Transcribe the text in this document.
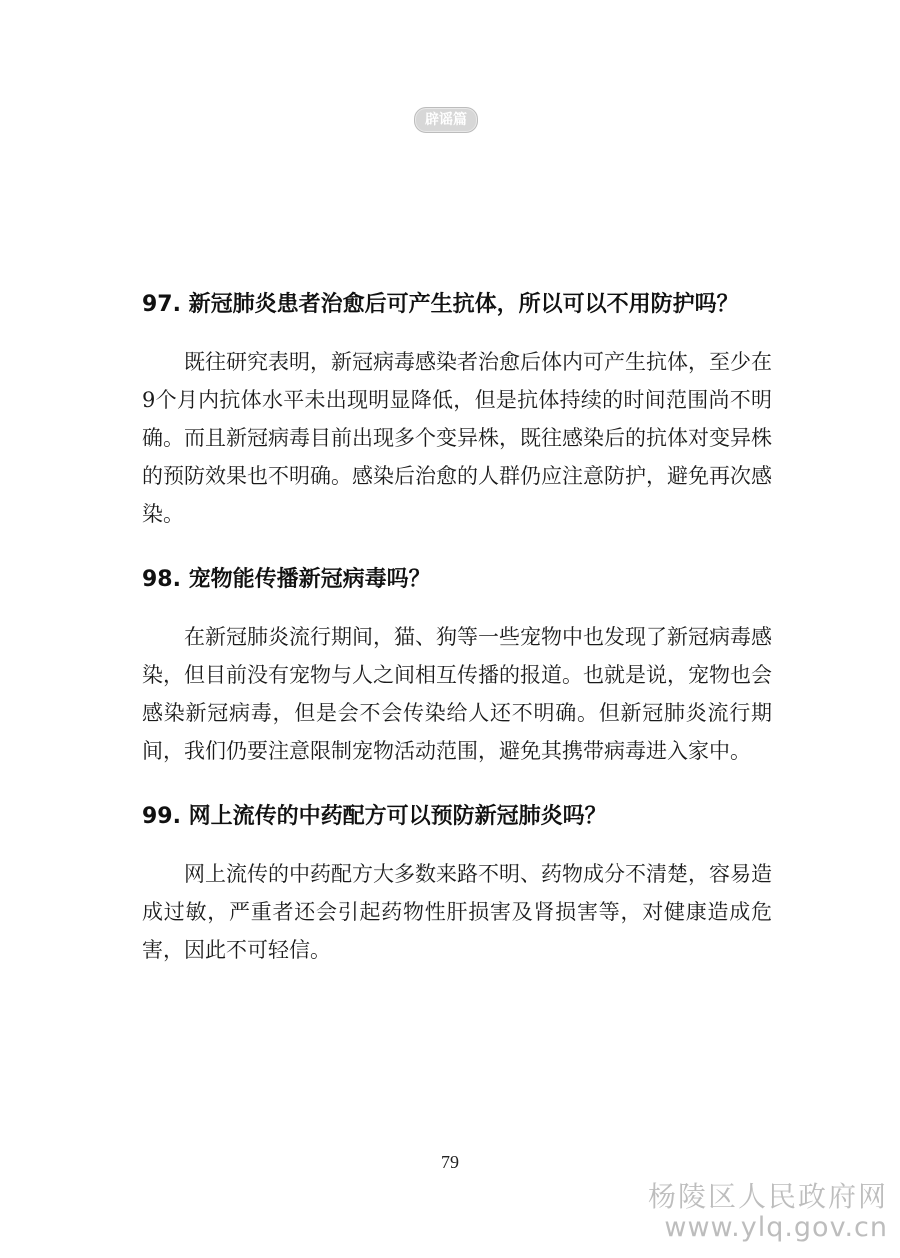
辟谣篇

97. 新冠肺炎患者治愈后可产生抗体，所以可以不用防护吗？

既往研究表明，新冠病毒感染者治愈后体内可产生抗体，至少在9个月内抗体水平未出现明显降低，但是抗体持续的时间范围尚不明确。而且新冠病毒目前出现多个变异株，既往感染后的抗体对变异株的预防效果也不明确。感染后治愈的人群仍应注意防护，避免再次感染。

98. 宠物能传播新冠病毒吗？

在新冠肺炎流行期间，猫、狗等一些宠物中也发现了新冠病毒感染，但目前没有宠物与人之间相互传播的报道。也就是说，宠物也会感染新冠病毒，但是会不会传染给人还不明确。但新冠肺炎流行期间，我们仍要注意限制宠物活动范围，避免其携带病毒进入家中。

99. 网上流传的中药配方可以预防新冠肺炎吗？

网上流传的中药配方大多数来路不明、药物成分不清楚，容易造成过敏，严重者还会引起药物性肝损害及肾损害等，对健康造成危害，因此不可轻信。

79
杨陵区人民政府网
www.ylq.gov.cn
